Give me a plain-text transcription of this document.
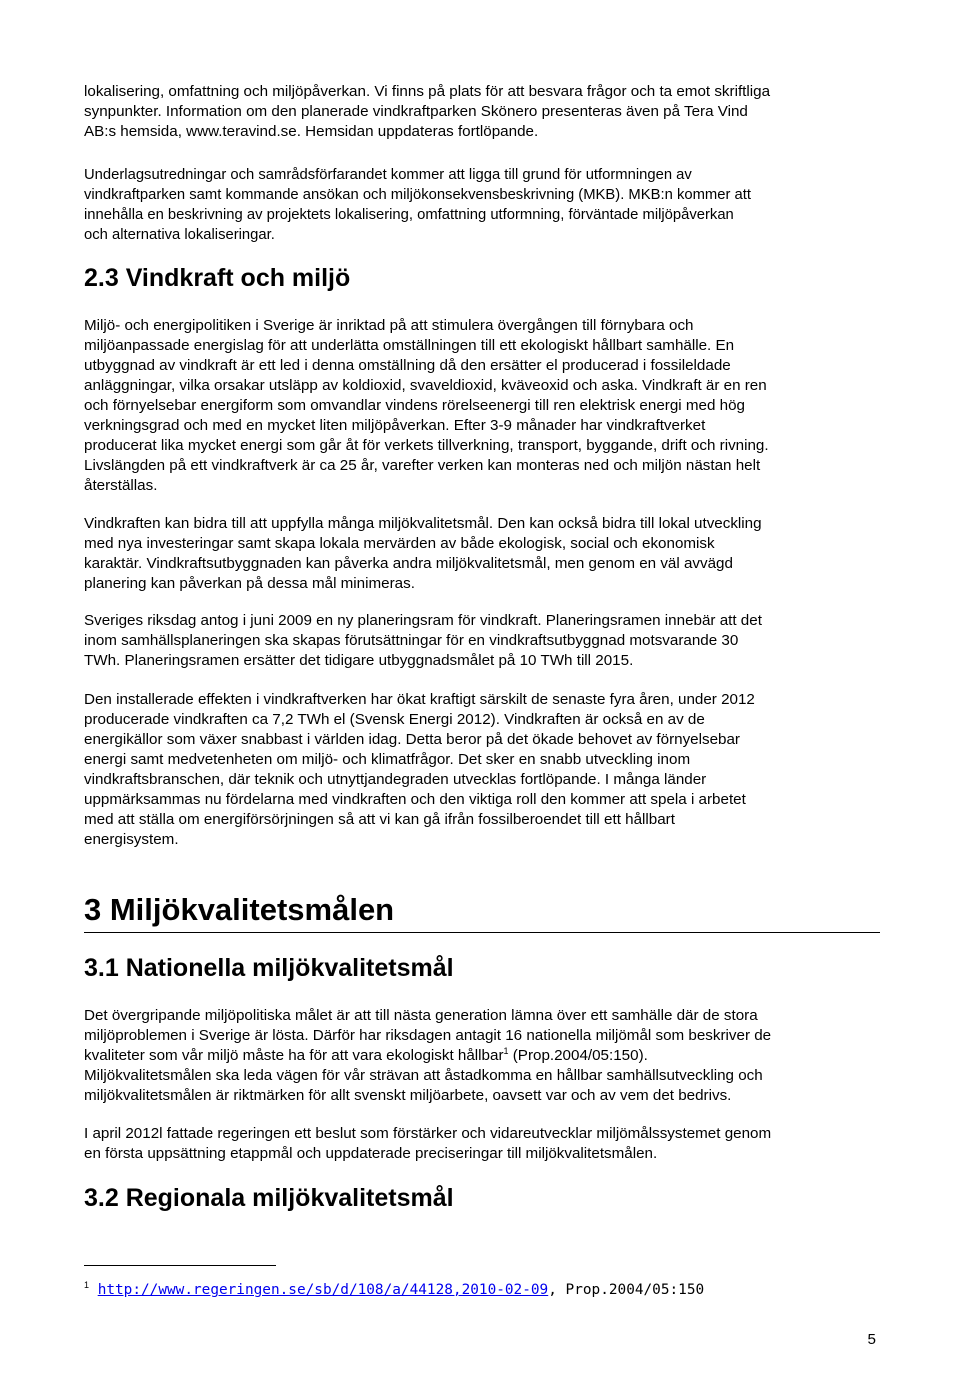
lokalisering, omfattning och miljöpåverkan. Vi finns på plats för att besvara frågor och ta emot skriftliga
synpunkter. Information om den planerade vindkraftparken Skönero presenteras även på Tera Vind
AB:s hemsida, www.teravind.se. Hemsidan uppdateras fortlöpande.
Underlagsutredningar och samrådsförfarandet kommer att ligga till grund för utformningen av
vindkraftparken samt kommande ansökan och miljökonsekvensbeskrivning (MKB). MKB:n kommer att
innehålla en beskrivning av projektets lokalisering, omfattning utformning, förväntade miljöpåverkan
och alternativa lokaliseringar.
2.3 Vindkraft och miljö
Miljö- och energipolitiken i Sverige är inriktad på att stimulera övergången till förnybara och
miljöanpassade energislag för att underlätta omställningen till ett ekologiskt hållbart samhälle. En
utbyggnad av vindkraft är ett led i denna omställning då den ersätter el producerad i fossileldade
anläggningar, vilka orsakar utsläpp av koldioxid, svaveldioxid, kväveoxid och aska. Vindkraft är en ren
och förnyelsebar energiform som omvandlar vindens rörelseenergi till ren elektrisk energi med hög
verkningsgrad och med en mycket liten miljöpåverkan. Efter 3-9 månader har vindkraftverket
producerat lika mycket energi som går åt för verkets tillverkning, transport, byggande, drift och rivning.
Livslängden på ett vindkraftverk är ca 25 år, varefter verken kan monteras ned och miljön nästan helt
återställas.
Vindkraften kan bidra till att uppfylla många miljökvalitetsmål. Den kan också bidra till lokal utveckling
med nya investeringar samt skapa lokala mervärden av både ekologisk, social och ekonomisk
karaktär. Vindkraftsutbyggnaden kan påverka andra miljökvalitetsmål, men genom en väl avvägd
planering kan påverkan på dessa mål minimeras.
Sveriges riksdag antog i juni 2009 en ny planeringsram för vindkraft. Planeringsramen innebär att det
inom samhällsplaneringen ska skapas förutsättningar för en vindkraftsutbyggnad motsvarande 30
TWh. Planeringsramen ersätter det tidigare utbyggnadsmålet på 10 TWh till 2015.
Den installerade effekten i vindkraftverken har ökat kraftigt särskilt de senaste fyra åren, under 2012
producerade vindkraften ca 7,2 TWh el (Svensk Energi 2012). Vindkraften är också en av de
energikällor som växer snabbast i världen idag. Detta beror på det ökade behovet av förnyelsebar
energi samt medvetenheten om miljö- och klimatfrågor. Det sker en snabb utveckling inom
vindkraftsbranschen, där teknik och utnyttjandegraden utvecklas fortlöpande. I många länder
uppmärksammas nu fördelarna med vindkraften och den viktiga roll den kommer att spela i arbetet
med att ställa om energiförsörjningen så att vi kan gå ifrån fossilberoendet till ett hållbart
energisystem.
3 Miljökvalitetsmålen
3.1 Nationella miljökvalitetsmål
Det övergripande miljöpolitiska målet är att till nästa generation lämna över ett samhälle där de stora
miljöproblemen i Sverige är lösta. Därför har riksdagen antagit 16 nationella miljömål som beskriver de
kvaliteter som vår miljö måste ha för att vara ekologiskt hållbar$^1$ (Prop.2004/05:150).
Miljökvalitetsmålen ska leda vägen för vår strävan att åstadkomma en hållbar samhällsutveckling och
miljökvalitetsmålen är riktmärken för allt svenskt miljöarbete, oavsett var och av vem det bedrivs.
I april 2012l fattade regeringen ett beslut som förstärker och vidareutvecklar miljömålssystemet genom
en första uppsättning etappmål och uppdaterade preciseringar till miljökvalitetsmålen.
3.2 Regionala miljökvalitetsmål
$^1$ http://www.regeringen.se/sb/d/108/a/44128,2010-02-09, Prop.2004/05:150
5
